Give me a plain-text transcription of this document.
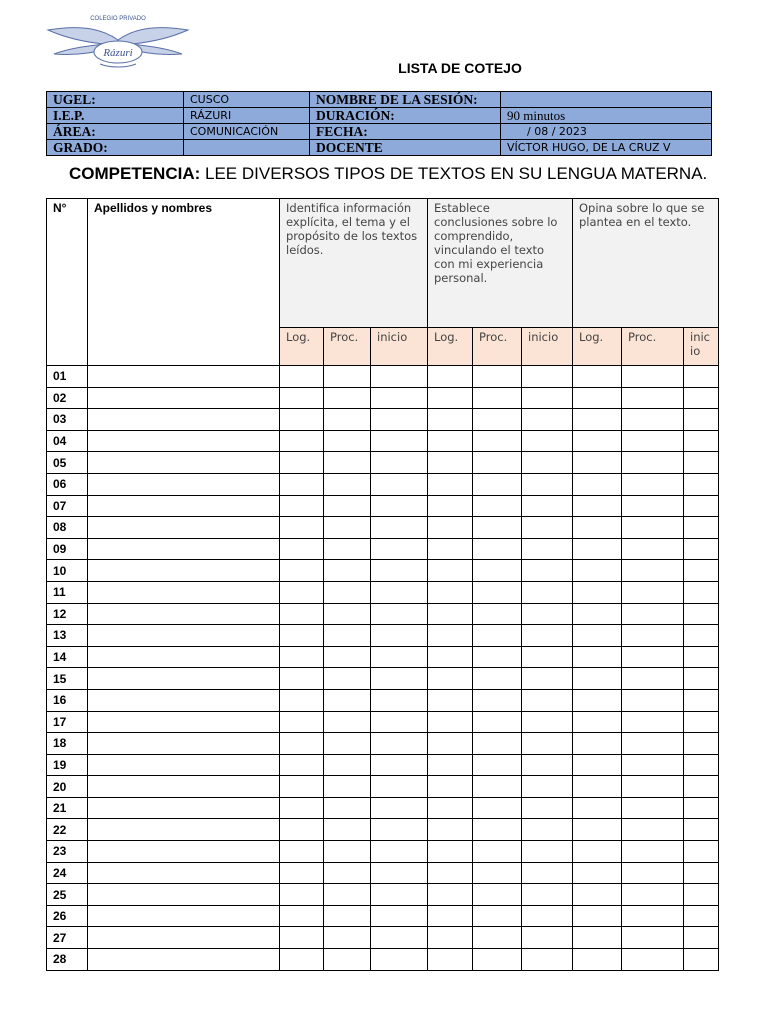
Rázuri
COLEGIO PRIVADO
LISTA DE COTEJO
UGEL:	CUSCO	NOMBRE DE LA SESIÓN:	
I.E.P.	RÁZURI	DURACIÓN:	90 minutos
ÁREA:	COMUNICACIÓN	FECHA:	/ 08 / 2023
GRADO:		DOCENTE	VÍCTOR HUGO, DE LA CRUZ V
COMPETENCIA: LEE DIVERSOS TIPOS DE TEXTOS EN SU LENGUA MATERNA.
N°	Apellidos y nombres	Identifica información explícita, el tema y el propósito de los textos leídos.			Establece conclusiones sobre lo comprendido, vinculando el texto con mi experiencia personal.			Opina sobre lo que se plantea en el texto.		
		Log.	Proc.	inicio	Log.	Proc.	inicio	Log.	Proc.	inic io
01										
02										
03										
04										
05										
06										
07										
08										
09										
10										
11										
12										
13										
14										
15										
16										
17										
18										
19										
20										
21										
22										
23										
24										
25										
26										
27										
28										
